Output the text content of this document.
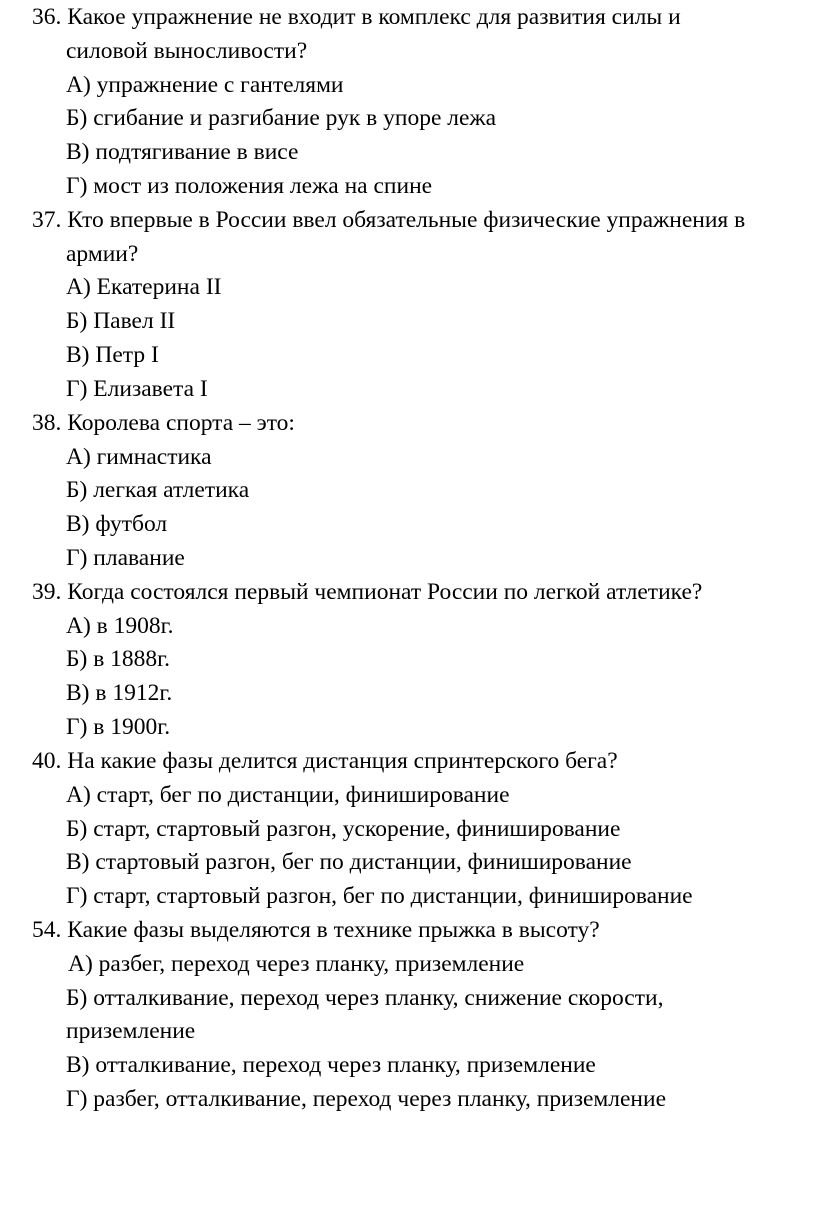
36. Какое упражнение не входит в комплекс для развития силы и
силовой выносливости?
А) упражнение с гантелями
Б) сгибание и разгибание рук в упоре лежа
В) подтягивание в висе
Г) мост из положения лежа на спине
37. Кто впервые в России ввел обязательные физические упражнения в
армии?
А) Екатерина II
Б) Павел II
В) Петр I
Г) Елизавета I
38. Королева спорта – это:
А) гимнастика
Б) легкая атлетика
В) футбол
Г) плавание
39. Когда состоялся первый чемпионат России по легкой атлетике?
А) в 1908г.
Б) в 1888г.
В) в 1912г.
Г) в 1900г.
40. На какие фазы делится дистанция спринтерского бега?
А) старт, бег по дистанции, финиширование
Б) старт, стартовый разгон, ускорение, финиширование
В) стартовый разгон, бег по дистанции, финиширование
Г) старт, стартовый разгон, бег по дистанции, финиширование
54. Какие фазы выделяются в технике прыжка в высоту?
А) разбег, переход через планку, приземление
Б) отталкивание, переход через планку, снижение скорости,
приземление
В) отталкивание, переход через планку, приземление
Г) разбег, отталкивание, переход через планку, приземление
